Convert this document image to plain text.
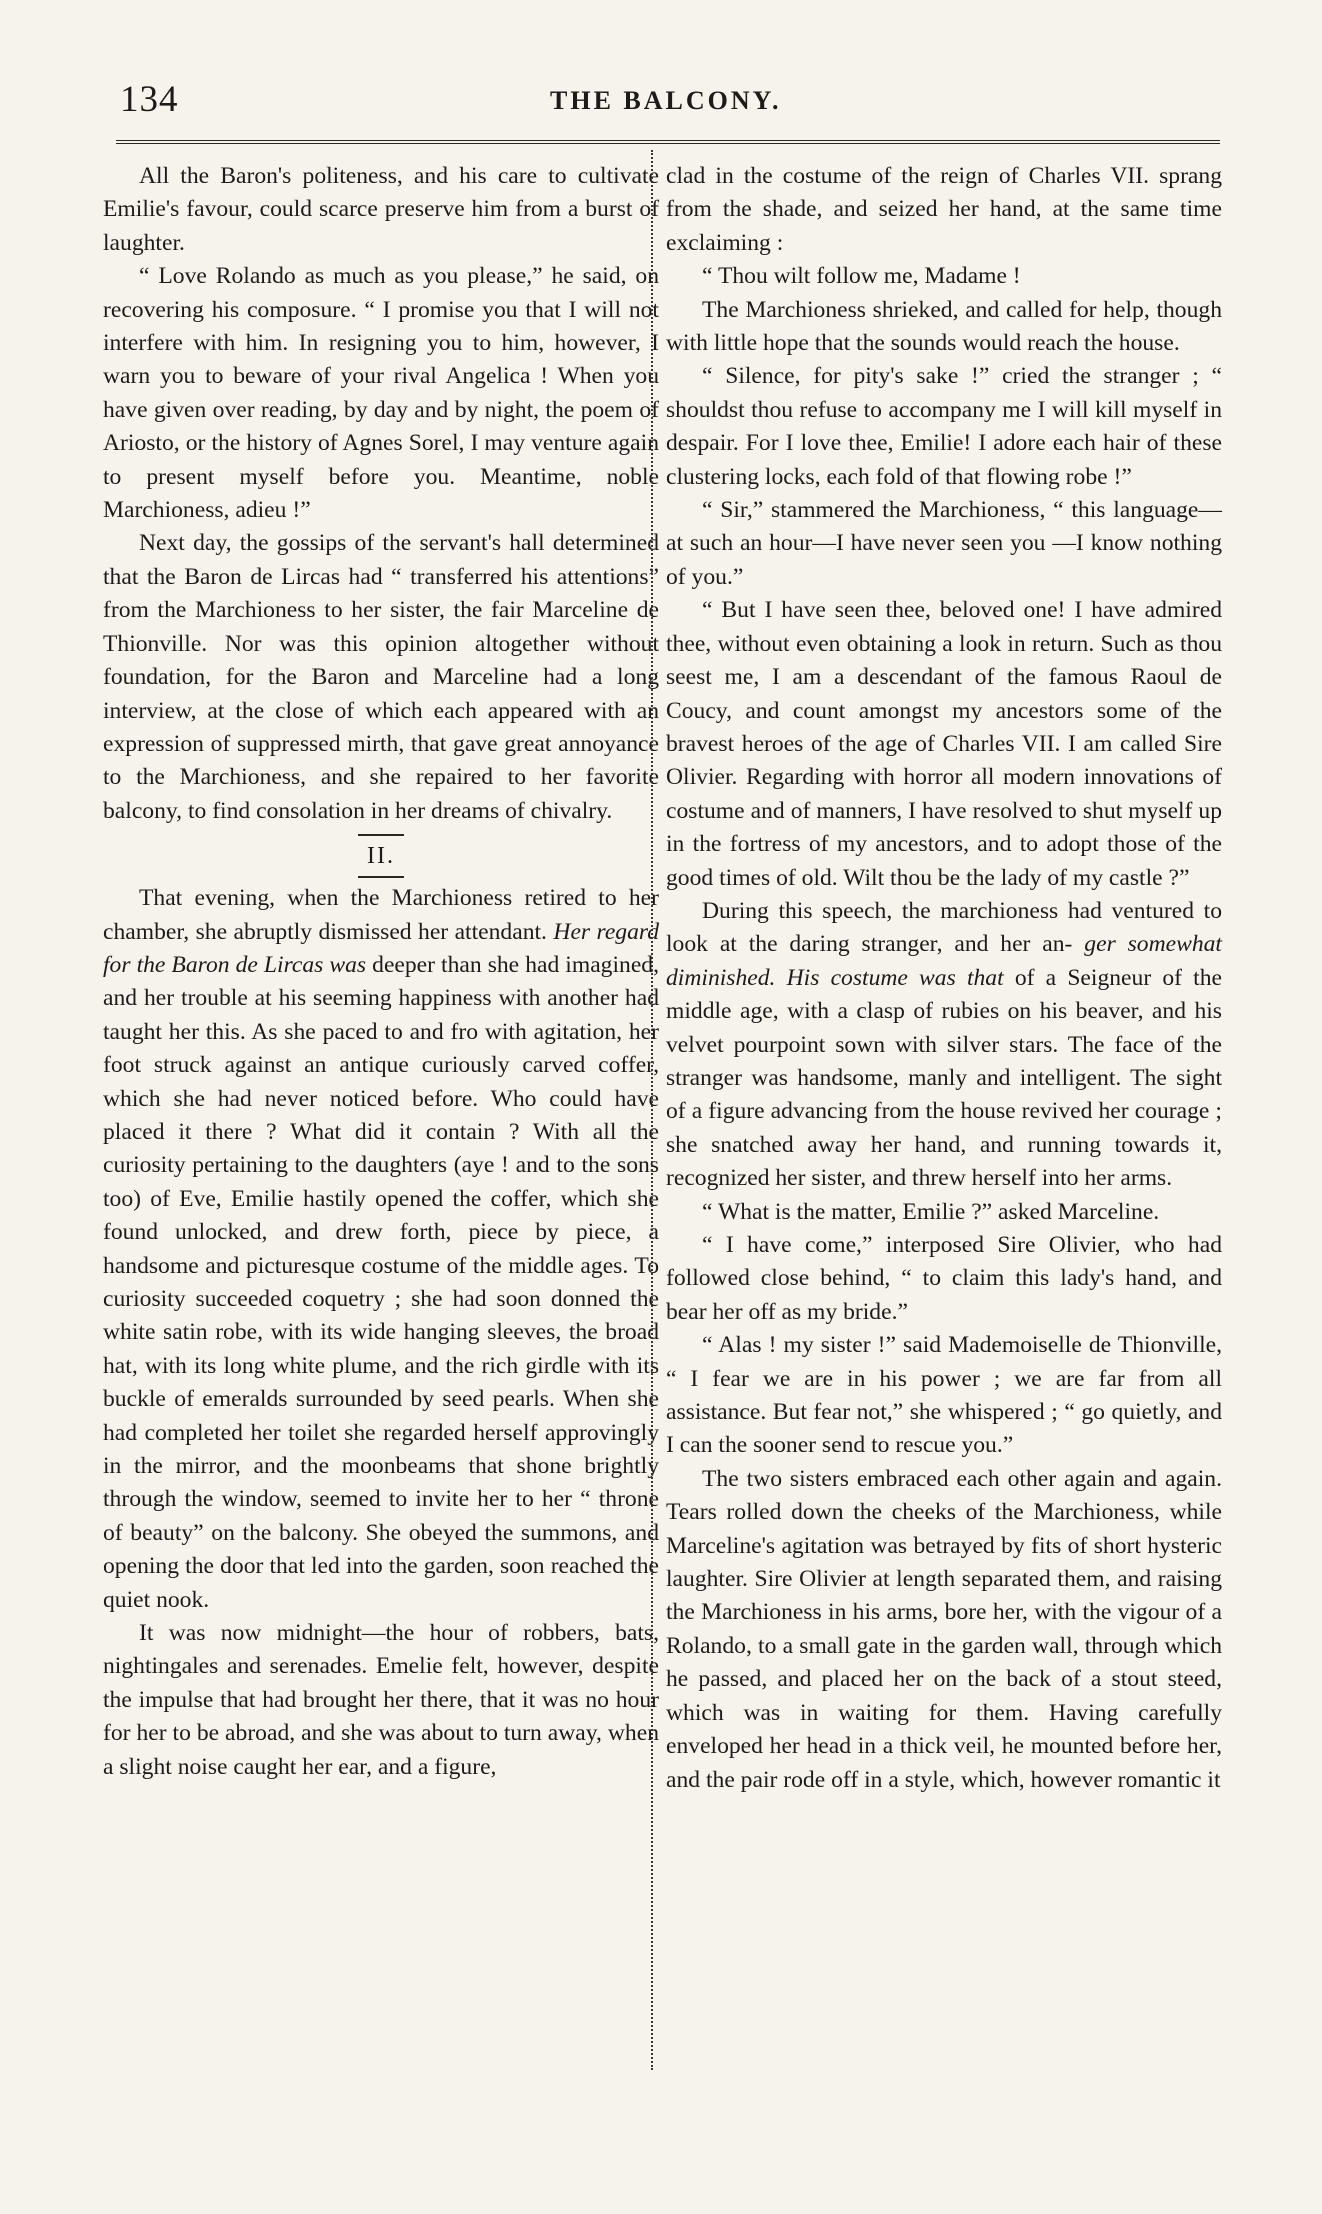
134	THE BALCONY.

All the Baron's politeness, and his care to cultivate Emilie's favour, could scarce preserve him from a burst of laughter.

“ Love Rolando as much as you please,” he said, on recovering his composure. “ I promise you that I will not interfere with him. In resigning you to him, however, I warn you to beware of your rival Angelica ! When you have given over reading, by day and by night, the poem of Ariosto, or the history of Agnes Sorel, I may venture again to present myself before you. Meantime, noble Marchioness, adieu !”

Next day, the gossips of the servant's hall determined that the Baron de Lircas had “ transferred his attentions” from the Marchioness to her sister, the fair Marceline de Thionville. Nor was this opinion altogether without foundation, for the Baron and Marceline had a long interview, at the close of which each appeared with an expression of suppressed mirth, that gave great annoyance to the Marchioness, and she repaired to her favorite balcony, to find consolation in her dreams of chivalry.

II.

That evening, when the Marchioness retired to her chamber, she abruptly dismissed her attendant. Her regard for the Baron de Lircas was deeper than she had imagined, and her trouble at his seeming happiness with another had taught her this. As she paced to and fro with agitation, her foot struck against an antique curiously carved coffer, which she had never noticed before. Who could have placed it there ? What did it contain ? With all the curiosity pertaining to the daughters (aye ! and to the sons too) of Eve, Emilie hastily opened the coffer, which she found unlocked, and drew forth, piece by piece, a handsome and picturesque costume of the middle ages. To curiosity succeeded coquetry ; she had soon donned the white satin robe, with its wide hanging sleeves, the broad hat, with its long white plume, and the rich girdle with its buckle of emeralds surrounded by seed pearls. When she had completed her toilet she regarded herself approvingly in the mirror, and the moonbeams that shone brightly through the window, seemed to invite her to her “ throne of beauty” on the balcony. She obeyed the summons, and opening the door that led into the garden, soon reached the quiet nook.

It was now midnight—the hour of robbers, bats, nightingales and serenades. Emelie felt, however, despite the impulse that had brought her there, that it was no hour for her to be abroad, and she was about to turn away, when a slight noise caught her ear, and a figure,

clad in the costume of the reign of Charles VII. sprang from the shade, and seized her hand, at the same time exclaiming :

“ Thou wilt follow me, Madame !

The Marchioness shrieked, and called for help, though with little hope that the sounds would reach the house.

“ Silence, for pity's sake !” cried the stranger ; “ shouldst thou refuse to accompany me I will kill myself in despair. For I love thee, Emilie! I adore each hair of these clustering locks, each fold of that flowing robe !”

“ Sir,” stammered the Marchioness, “ this language—at such an hour—I have never seen you —I know nothing of you.”

“ But I have seen thee, beloved one! I have admired thee, without even obtaining a look in return. Such as thou seest me, I am a descendant of the famous Raoul de Coucy, and count amongst my ancestors some of the bravest heroes of the age of Charles VII. I am called Sire Olivier. Regarding with horror all modern innovations of costume and of manners, I have resolved to shut myself up in the fortress of my ancestors, and to adopt those of the good times of old. Wilt thou be the lady of my castle ?”

During this speech, the marchioness had ventured to look at the daring stranger, and her an- ger somewhat diminished. His costume was that of a Seigneur of the middle age, with a clasp of rubies on his beaver, and his velvet pourpoint sown with silver stars. The face of the stranger was handsome, manly and intelligent. The sight of a figure advancing from the house revived her courage ; she snatched away her hand, and running towards it, recognized her sister, and threw herself into her arms.

“ What is the matter, Emilie ?” asked Marceline.

“ I have come,” interposed Sire Olivier, who had followed close behind, “ to claim this lady's hand, and bear her off as my bride.”

“ Alas ! my sister !” said Mademoiselle de Thionville, “ I fear we are in his power ; we are far from all assistance. But fear not,” she whispered ; “ go quietly, and I can the sooner send to rescue you.”

The two sisters embraced each other again and again. Tears rolled down the cheeks of the Marchioness, while Marceline's agitation was betrayed by fits of short hysteric laughter. Sire Olivier at length separated them, and raising the Marchioness in his arms, bore her, with the vigour of a Rolando, to a small gate in the garden wall, through which he passed, and placed her on the back of a stout steed, which was in waiting for them. Having carefully enveloped her head in a thick veil, he mounted before her, and the pair rode off in a style, which, however romantic it
